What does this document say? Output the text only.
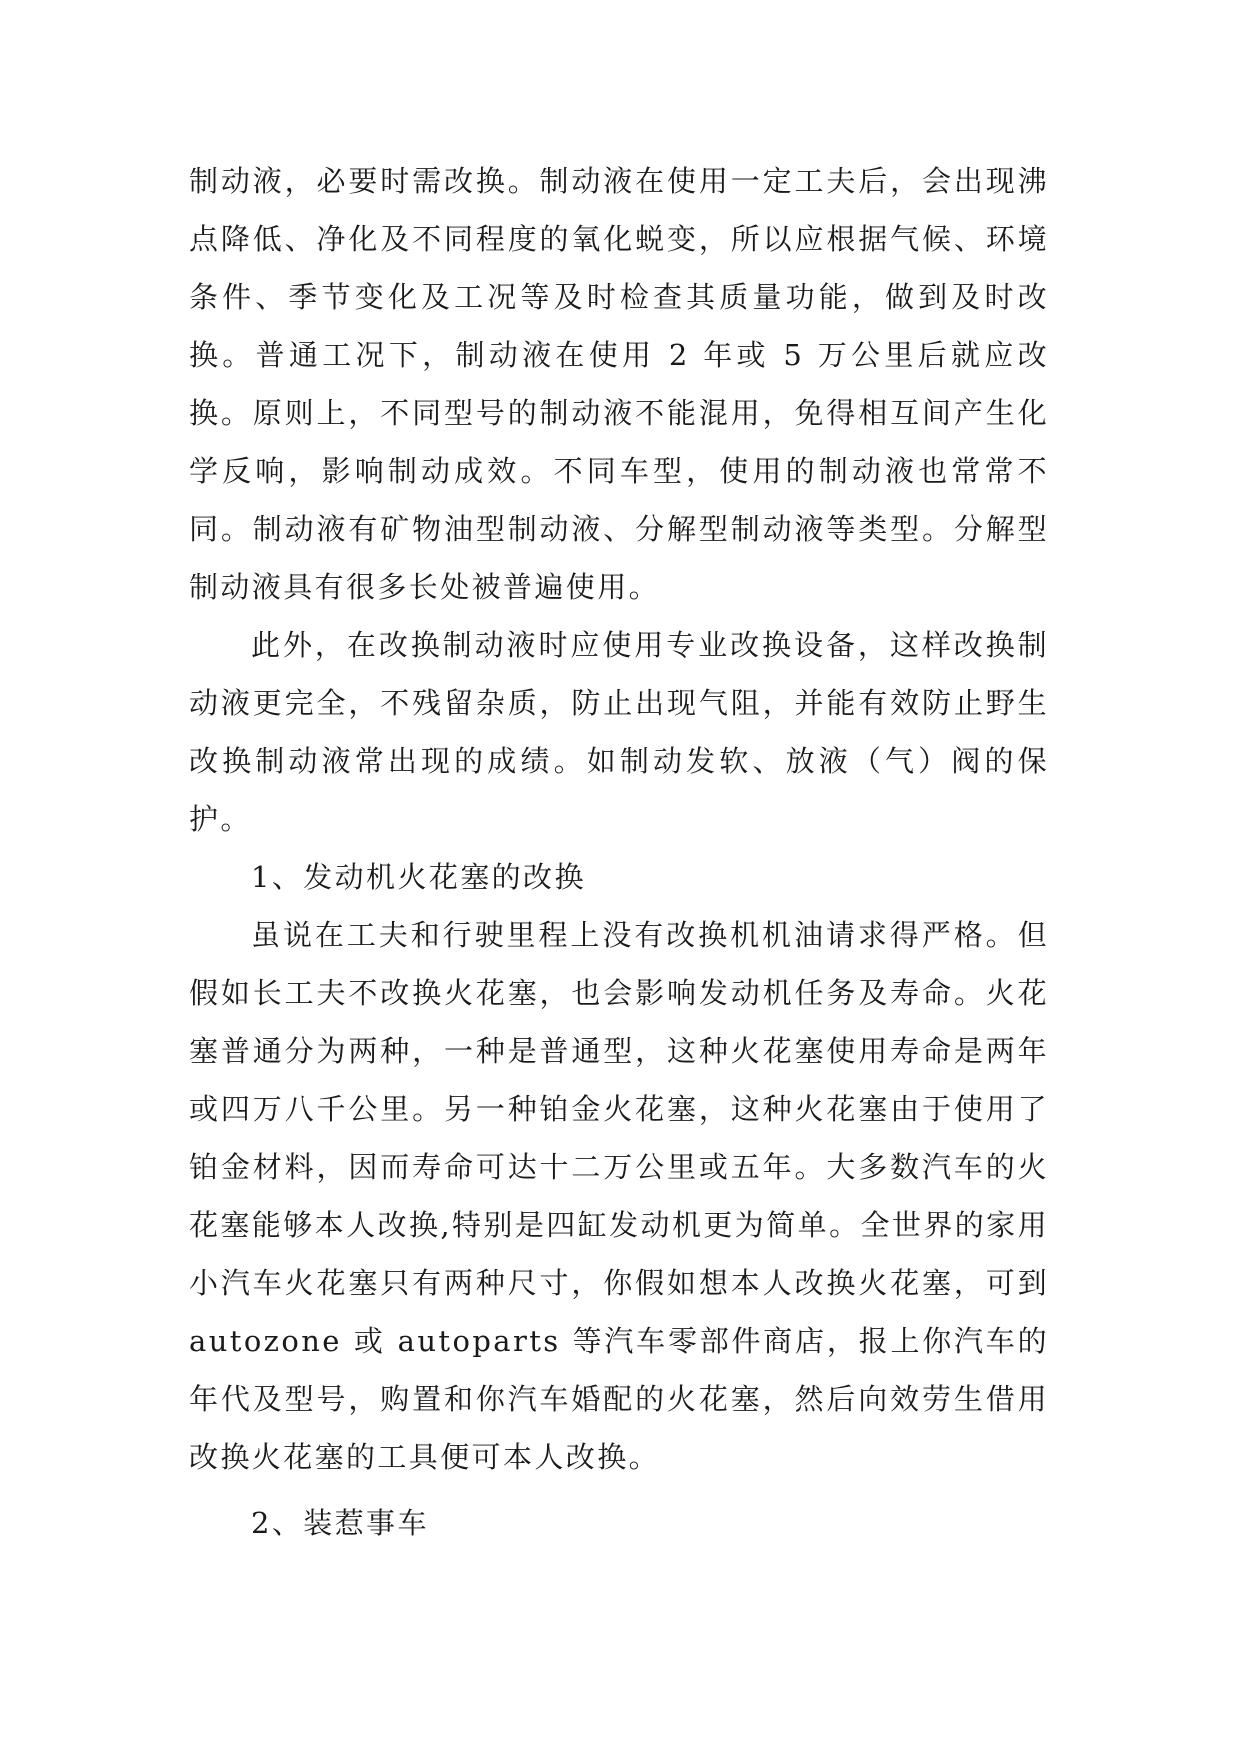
制动液，必要时需改换。制动液在使用一定工夫后，会出现沸点降低、净化及不同程度的氧化蜕变，所以应根据气候、环境条件、季节变化及工况等及时检查其质量功能，做到及时改换。普通工况下，制动液在使用 2 年或 5 万公里后就应改换。原则上，不同型号的制动液不能混用，免得相互间产生化学反响，影响制动成效。不同车型，使用的制动液也常常不同。制动液有矿物油型制动液、分解型制动液等类型。分解型制动液具有很多长处被普遍使用。

此外，在改换制动液时应使用专业改换设备，这样改换制动液更完全，不残留杂质，防止出现气阻，并能有效防止野生改换制动液常出现的成绩。如制动发软、放液（气）阀的保护。

1、发动机火花塞的改换

虽说在工夫和行驶里程上没有改换机机油请求得严格。但假如长工夫不改换火花塞，也会影响发动机任务及寿命。火花塞普通分为两种，一种是普通型，这种火花塞使用寿命是两年或四万八千公里。另一种铂金火花塞，这种火花塞由于使用了铂金材料，因而寿命可达十二万公里或五年。大多数汽车的火花塞能够本人改换,特别是四缸发动机更为简单。全世界的家用小汽车火花塞只有两种尺寸，你假如想本人改换火花塞，可到 autozone 或 autoparts 等汽车零部件商店，报上你汽车的年代及型号，购置和你汽车婚配的火花塞，然后向效劳生借用改换火花塞的工具便可本人改换。

2、装惹事车
